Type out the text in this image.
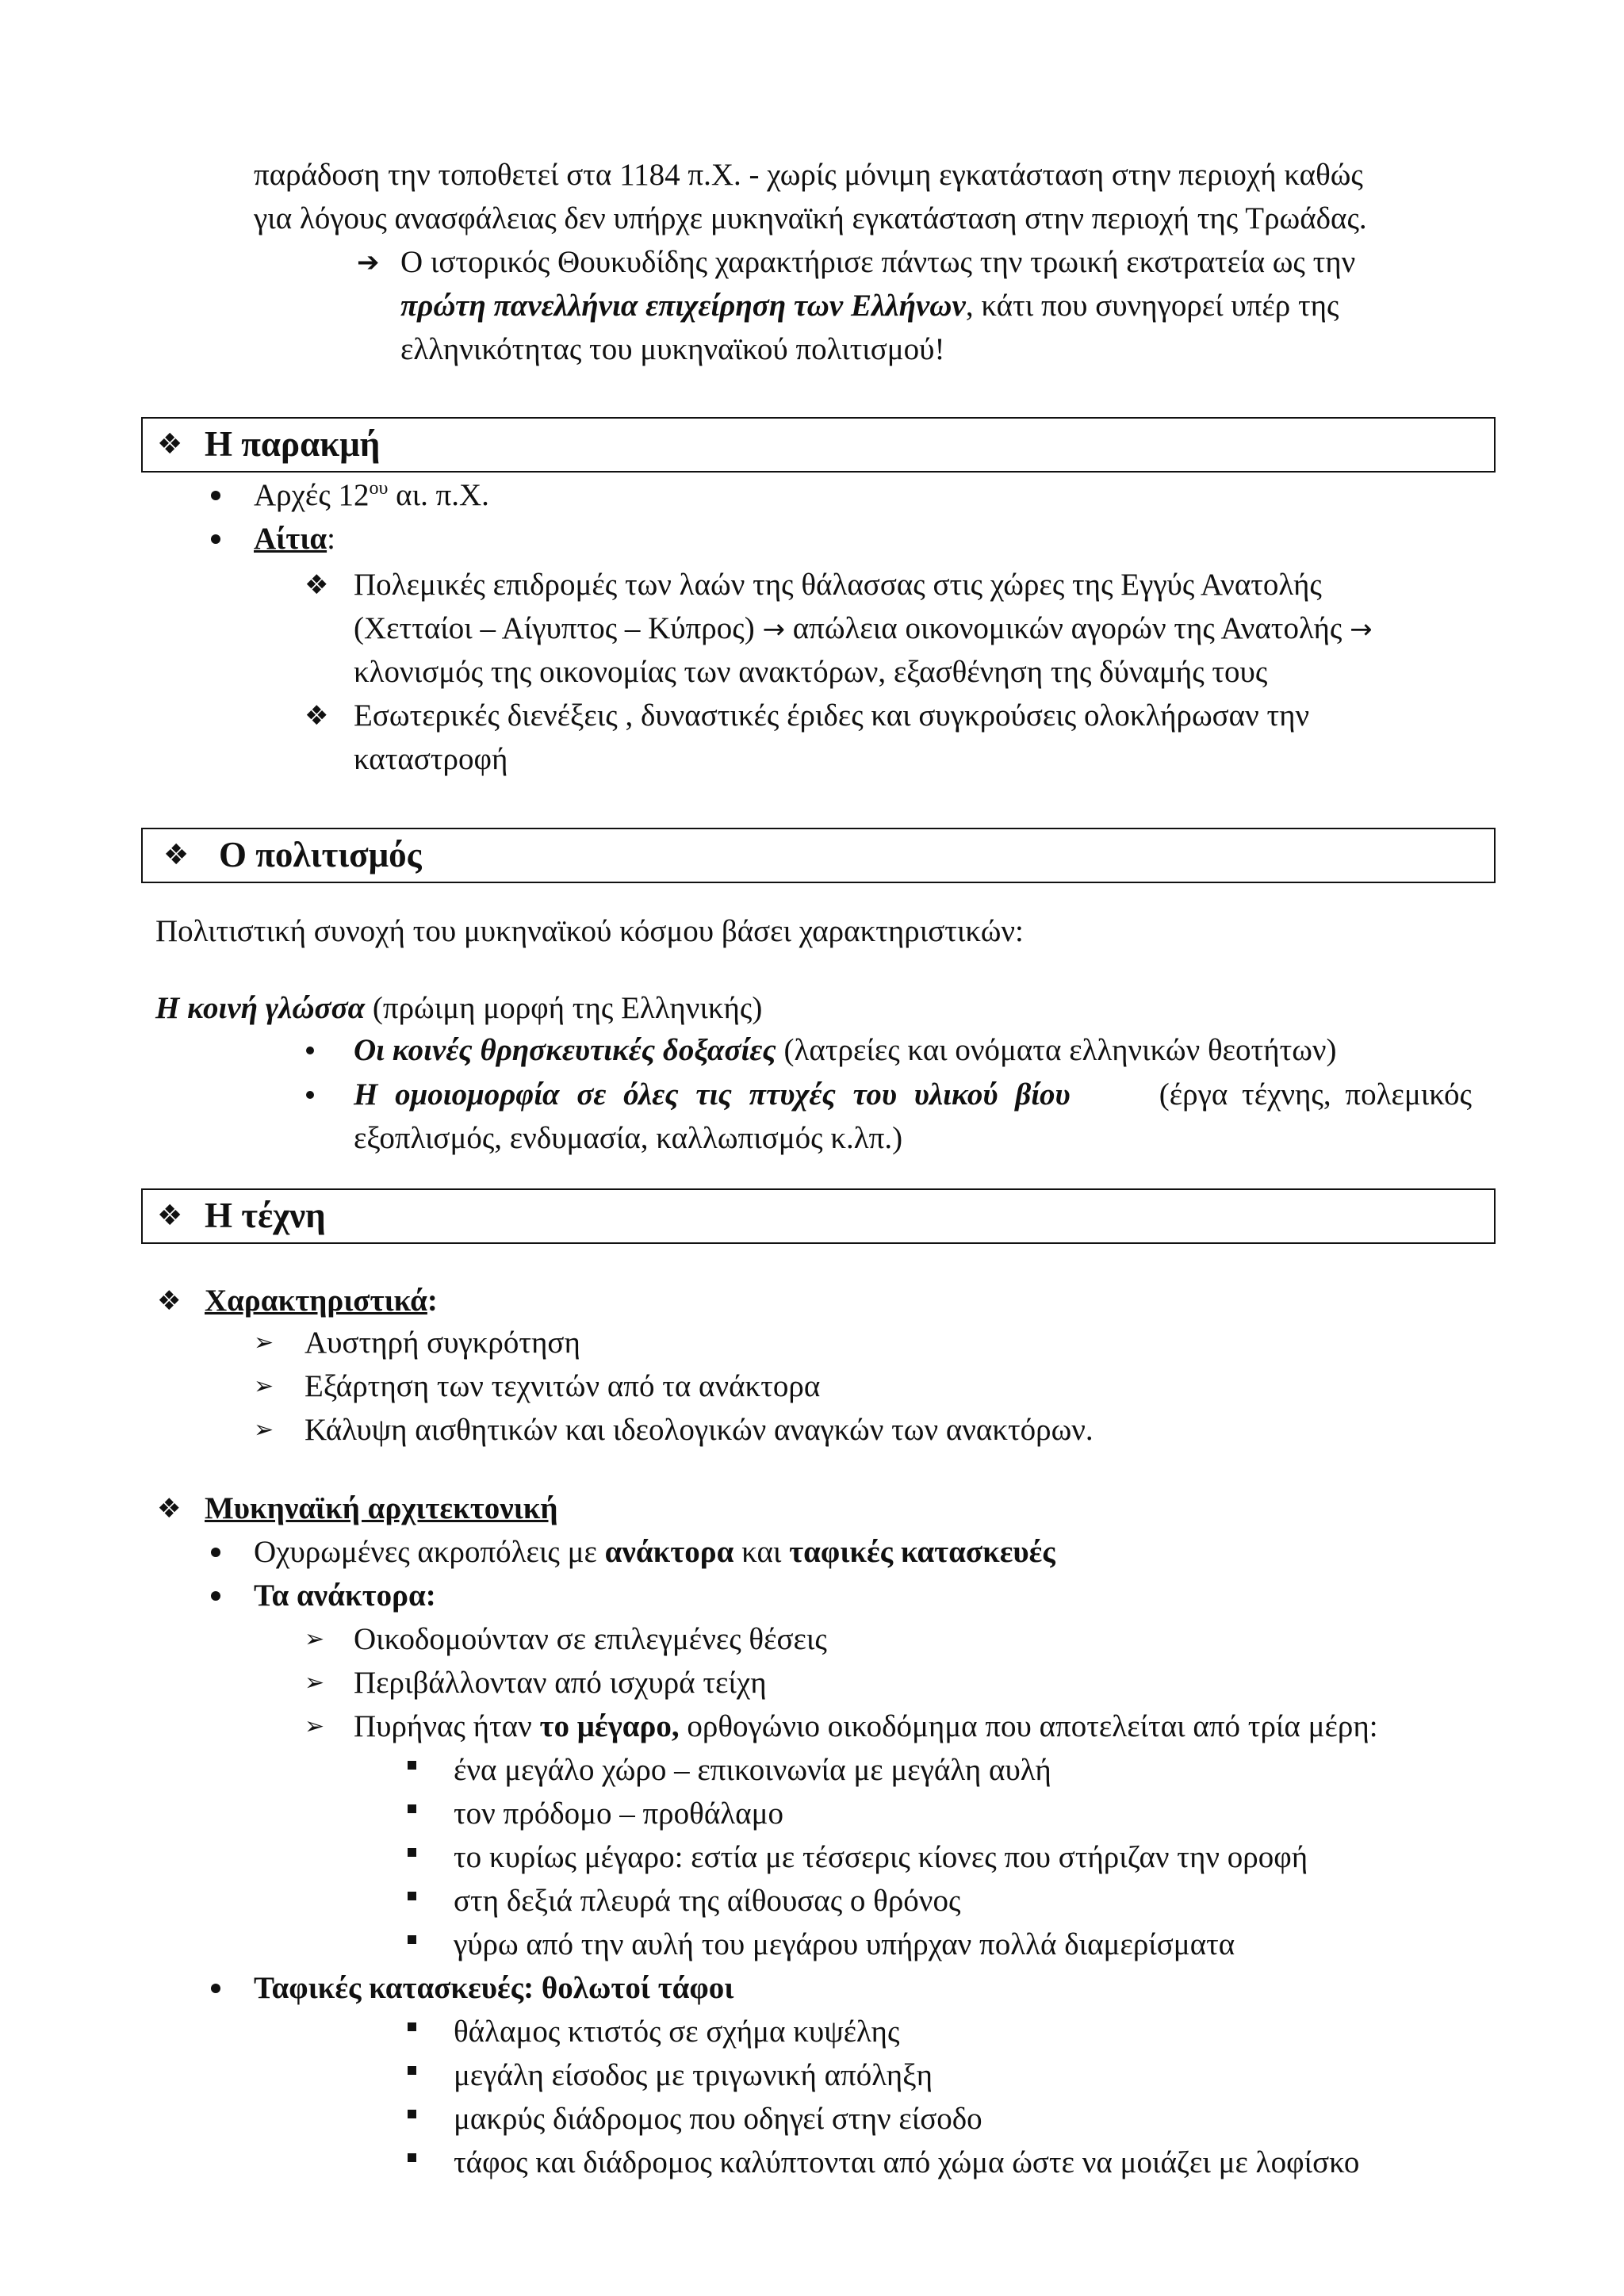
παράδοση την τοποθετεί στα 1184 π.Χ. - χωρίς μόνιμη εγκατάσταση στην περιοχή καθώς
για λόγους ανασφάλειας δεν υπήρχε μυκηναϊκή εγκατάσταση στην περιοχή της Τρωάδας.
➔ Ο ιστορικός Θουκυδίδης χαρακτήρισε πάντως την τρωική εκστρατεία ως την
πρώτη πανελλήνια επιχείρηση των Ελλήνων, κάτι που συνηγορεί υπέρ της
ελληνικότητας του μυκηναϊκού πολιτισμού!
❖ Η παρακμή
Αρχές $12^{o\upsilon}$ αι. π.Χ.
Αίτια:
❖ Πολεμικές επιδρομές των λαών της θάλασσας στις χώρες της Εγγύς Ανατολής
(Χετταίοι – Αίγυπτος – Κύπρος) → απώλεια οικονομικών αγορών της Ανατολής →
κλονισμός της οικονομίας των ανακτόρων, εξασθένηση της δύναμής τους
❖ Εσωτερικές διενέξεις , δυναστικές έριδες και συγκρούσεις ολοκλήρωσαν την
καταστροφή
❖ Ο πολιτισμός
Πολιτιστική συνοχή του μυκηναϊκού κόσμου βάσει χαρακτηριστικών:
Η κοινή γλώσσα (πρώιμη μορφή της Ελληνικής)
Οι κοινές θρησκευτικές δοξασίες (λατρείες και ονόματα ελληνικών θεοτήτων)
Η ομοιομορφία σε όλες τις πτυχές του υλικού βίου	(έργα τέχνης, πολεμικός
εξοπλισμός, ενδυμασία, καλλωπισμός κ.λπ.)
❖ Η τέχνη
❖ Χαρακτηριστικά:
➢ Αυστηρή συγκρότηση
➢ Εξάρτηση των τεχνιτών από τα ανάκτορα
➢ Κάλυψη αισθητικών και ιδεολογικών αναγκών των ανακτόρων.
❖ Μυκηναϊκή αρχιτεκτονική
Οχυρωμένες ακροπόλεις με ανάκτορα και ταφικές κατασκευές
Τα ανάκτορα:
➢ Οικοδομούνταν σε επιλεγμένες θέσεις
➢ Περιβάλλονταν από ισχυρά τείχη
➢ Πυρήνας ήταν το μέγαρο, ορθογώνιο οικοδόμημα που αποτελείται από τρία μέρη:
ένα μεγάλο χώρο – επικοινωνία με μεγάλη αυλή
τον πρόδομο – προθάλαμο
το κυρίως μέγαρο: εστία με τέσσερις κίονες που στήριζαν την οροφή
στη δεξιά πλευρά της αίθουσας ο θρόνος
γύρω από την αυλή του μεγάρου υπήρχαν πολλά διαμερίσματα
Ταφικές κατασκευές: θολωτοί τάφοι
θάλαμος κτιστός σε σχήμα κυψέλης
μεγάλη είσοδος με τριγωνική απόληξη
μακρύς διάδρομος που οδηγεί στην είσοδο
τάφος και διάδρομος καλύπτονται από χώμα ώστε να μοιάζει με λοφίσκο
